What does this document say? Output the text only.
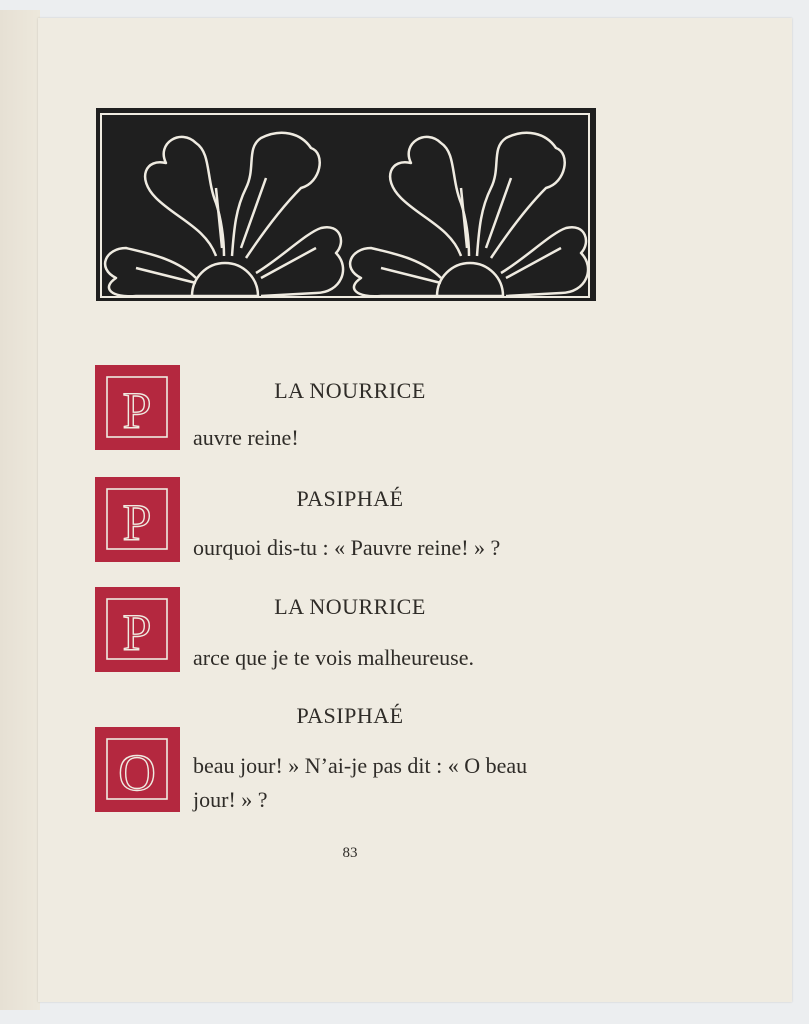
P	LA NOURRICE
auvre reine!
P	PASIPHAÉ
ourquoi dis-tu : « Pauvre reine! » ?
P	LA NOURRICE
arce que je te vois malheureuse.
PASIPHAÉ
O beau jour! » N’ai-je pas dit : « O beau
jour! » ?
83
